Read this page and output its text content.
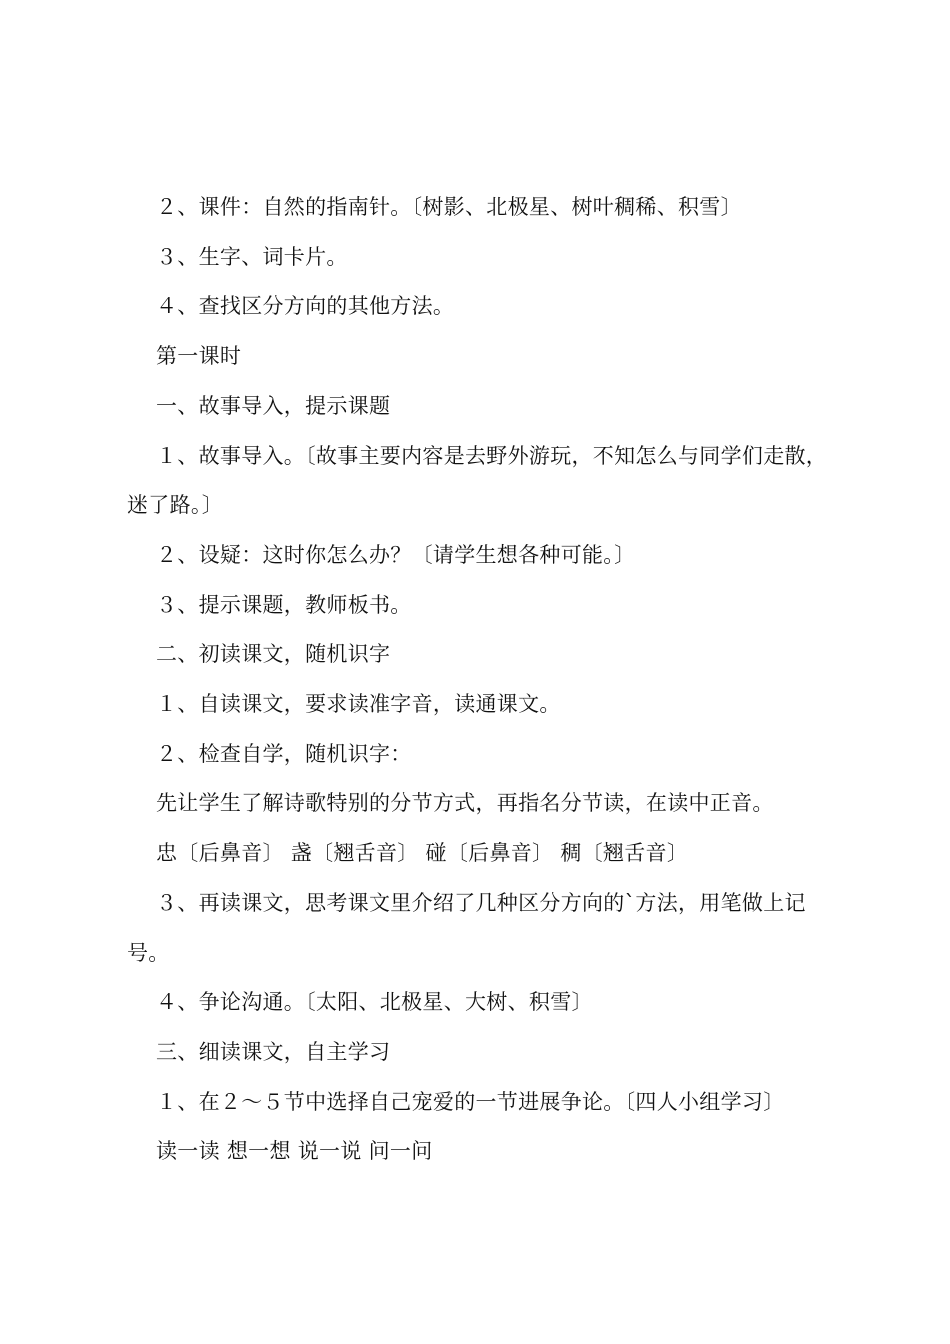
２、课件：自然的指南针。〔树影、北极星、树叶稠稀、积雪〕
３、生字、词卡片。
４、查找区分方向的其他方法。
第一课时
一、故事导入，提示课题
１、故事导入。〔故事主要内容是去野外游玩，不知怎么与同学们走散，迷了路。〕
２、设疑：这时你怎么办？〔请学生想各种可能。〕
３、提示课题，教师板书。
二、初读课文，随机识字
１、自读课文，要求读准字音，读通课文。
２、检查自学，随机识字：
先让学生了解诗歌特别的分节方式，再指名分节读，在读中正音。
忠〔后鼻音〕 盏〔翘舌音〕 碰〔后鼻音〕 稠〔翘舌音〕
３、再读课文，思考课文里介绍了几种区分方向的`方法，用笔做上记号。
４、争论沟通。〔太阳、北极星、大树、积雪〕
三、细读课文，自主学习
１、在２～５节中选择自己宠爱的一节进展争论。〔四人小组学习〕
读一读 想一想 说一说 问一问
